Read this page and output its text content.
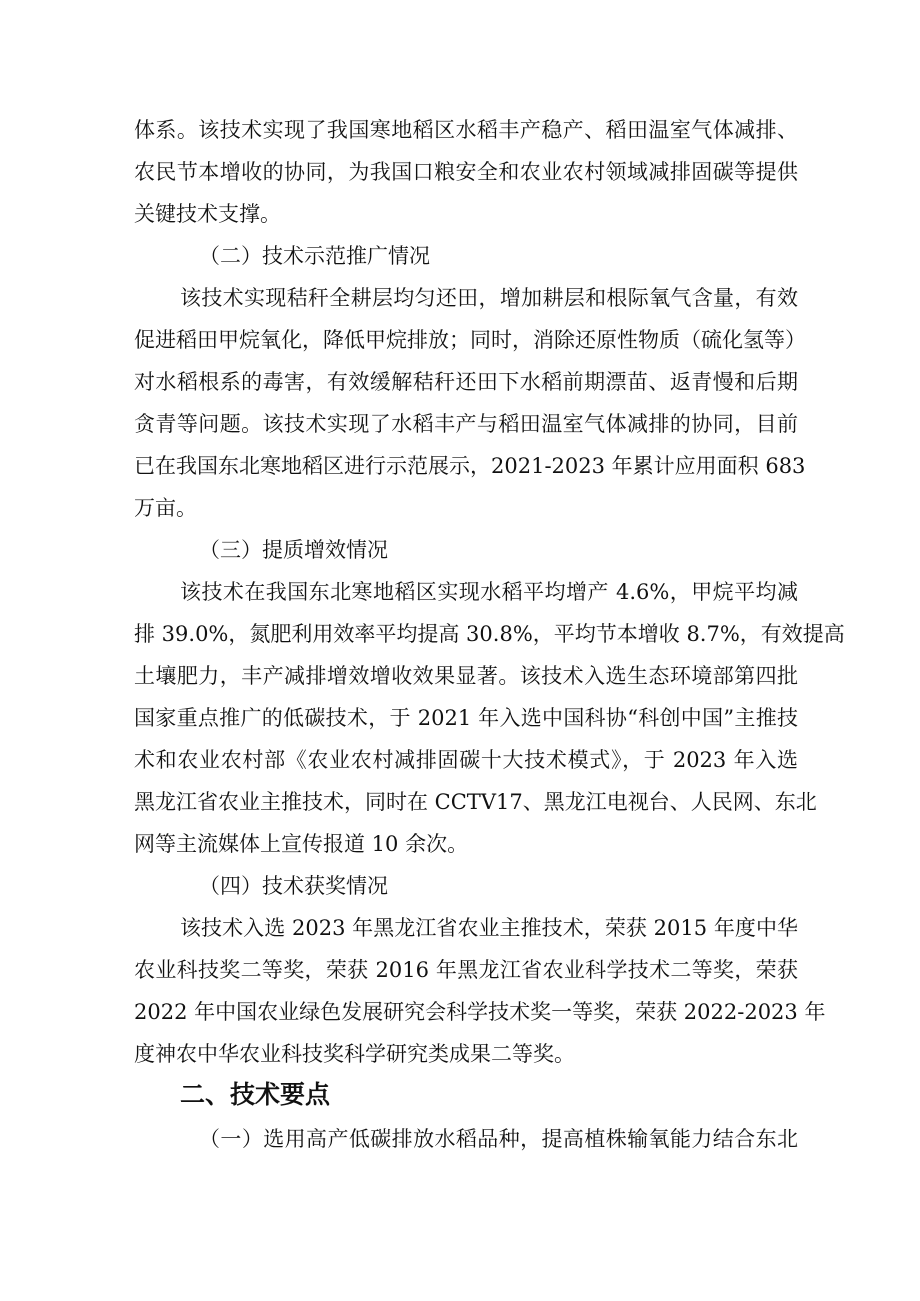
体系。该技术实现了我国寒地稻区水稻丰产稳产、稻田温室气体减排、
农民节本增收的协同，为我国口粮安全和农业农村领域减排固碳等提供
关键技术支撑。
（二）技术示范推广情况
该技术实现秸秆全耕层均匀还田，增加耕层和根际氧气含量，有效
促进稻田甲烷氧化，降低甲烷排放；同时，消除还原性物质（硫化氢等）
对水稻根系的毒害，有效缓解秸秆还田下水稻前期漂苗、返青慢和后期
贪青等问题。该技术实现了水稻丰产与稻田温室气体减排的协同，目前
已在我国东北寒地稻区进行示范展示，2021-2023 年累计应用面积 683
万亩。
（三）提质增效情况
该技术在我国东北寒地稻区实现水稻平均增产 4.6%，甲烷平均减
排 39.0%，氮肥利用效率平均提高 30.8%，平均节本增收 8.7%，有效提高
土壤肥力，丰产减排增效增收效果显著。该技术入选生态环境部第四批
国家重点推广的低碳技术，于 2021 年入选中国科协“科创中国”主推技
术和农业农村部《农业农村减排固碳十大技术模式》，于 2023 年入选
黑龙江省农业主推技术，同时在 CCTV17、黑龙江电视台、人民网、东北
网等主流媒体上宣传报道 10 余次。
（四）技术获奖情况
该技术入选 2023 年黑龙江省农业主推技术，荣获 2015 年度中华
农业科技奖二等奖，荣获 2016 年黑龙江省农业科学技术二等奖，荣获
2022 年中国农业绿色发展研究会科学技术奖一等奖，荣获 2022-2023 年
度神农中华农业科技奖科学研究类成果二等奖。
二、技术要点
（一）选用高产低碳排放水稻品种，提高植株输氧能力结合东北
